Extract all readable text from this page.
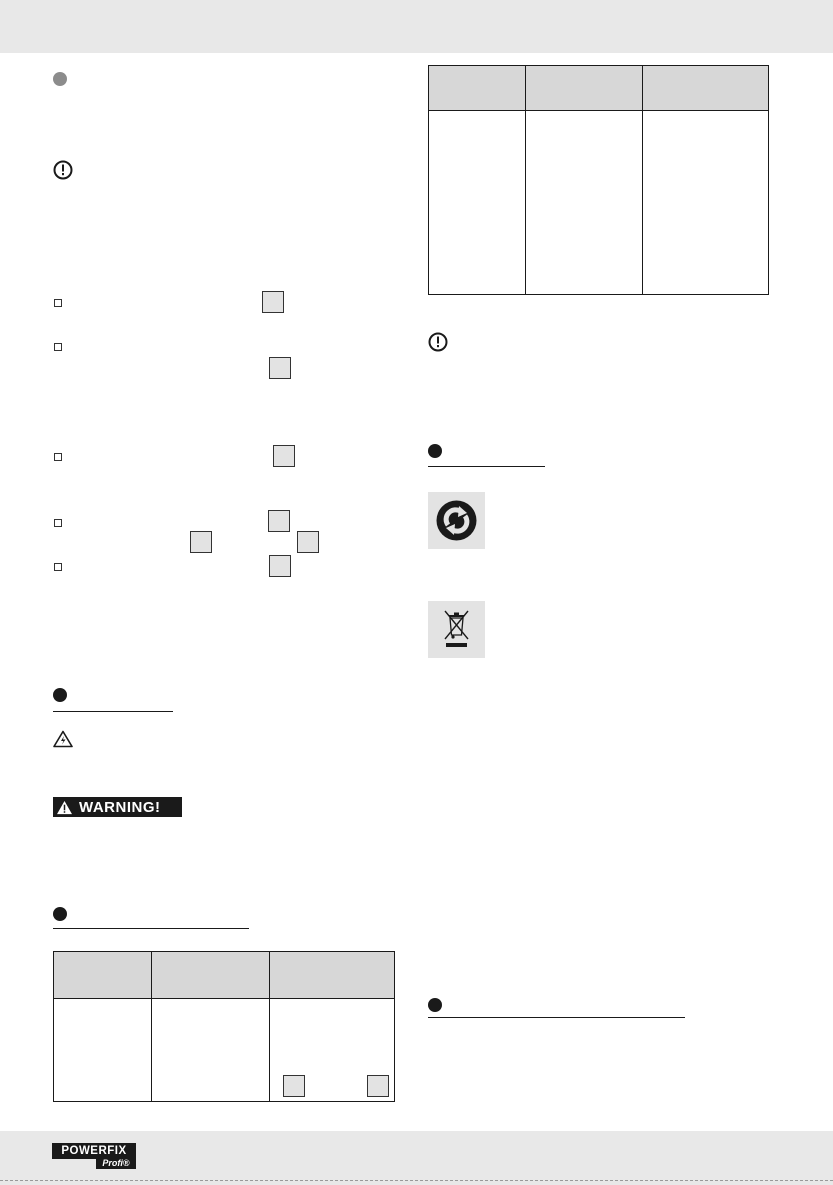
WARNING!

POWERFIX
Profi®
